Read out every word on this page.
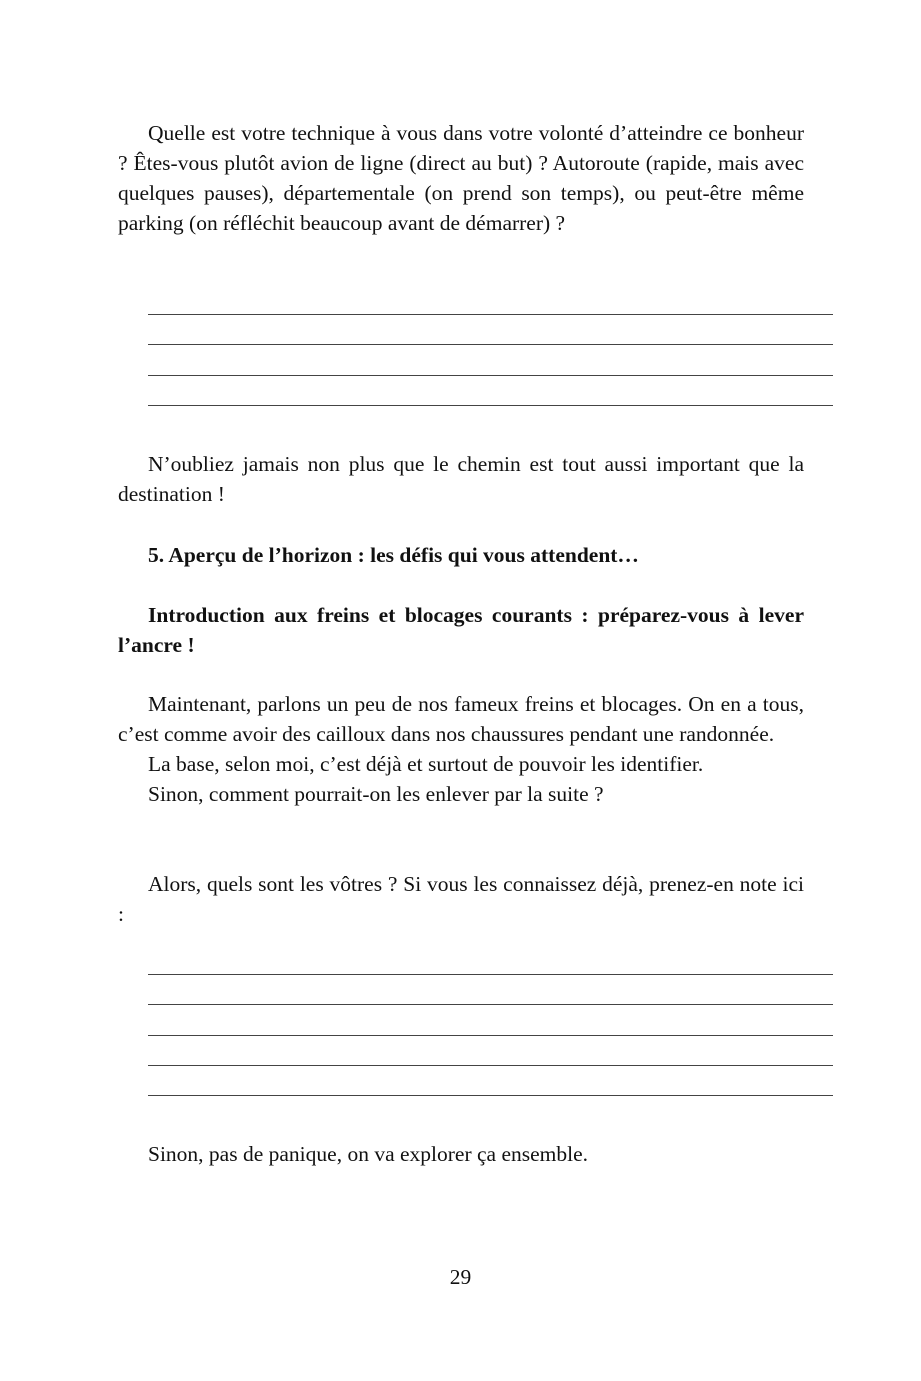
Quelle est votre technique à vous dans votre volonté d’atteindre ce bonheur ? Êtes-vous plutôt avion de ligne (direct au but) ? Autoroute (rapide, mais avec quelques pauses), départementale (on prend son temps), ou peut-être même parking (on réfléchit beaucoup avant de démarrer) ?

N’oubliez jamais non plus que le chemin est tout aussi important que la destination !

5. Aperçu de l’horizon : les défis qui vous attendent…

Introduction aux freins et blocages courants : préparez-vous à lever l’ancre !

Maintenant, parlons un peu de nos fameux freins et blocages. On en a tous, c’est comme avoir des cailloux dans nos chaussures pendant une randonnée.

La base, selon moi, c’est déjà et surtout de pouvoir les identifier.

Sinon, comment pourrait-on les enlever par la suite ?

Alors, quels sont les vôtres ? Si vous les connaissez déjà, prenez-en note ici :

Sinon, pas de panique, on va explorer ça ensemble.

29
